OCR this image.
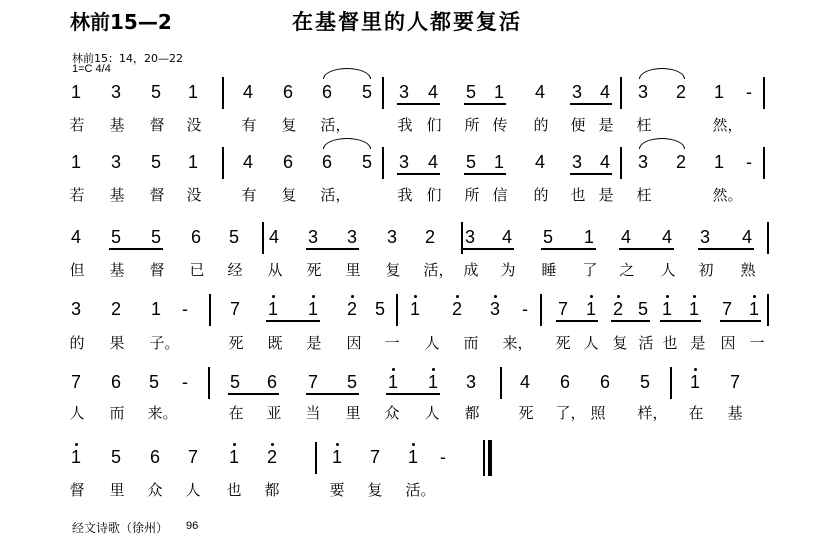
林前15—2	在基督里的人都要复活
林前15：14，20—22
1=C 4/4
经文诗歌（徐州） 96
1 3 5 1 4 6 6 5 3 4 5 1 4 3 4 3 2 1	-
若 基 督 没	有 复 活，	我 们 所 传 的 便 是 枉	然，
1 3 5 1 4 6 6 5 3 4 5 1 4 3 4 3 2 1	-
若 基 督 没	有 复 活，	我 们 所 信 的 也 是 枉	然。
4 5 5 6 5 4 3 3 3 2 3 4 5 1 4 4 3 4
但 基 督 已 经 从 死 里 复 活， 成 为 睡 了 之 人 初 熟
3 2 1	-	7 1 1 2 5 1 2 3	-	7 1 2 5 1 1 7 1
的 果 子。	死 既 是 因 一 人 而 来， 死 人 复 活 也 是 因 一
7 6 5	-	5 6 7 5 1 1 3 4 6 6 5 1 7
人 而 来。	在 亚 当 里 众 人 都	死 了， 照 样， 在 基
1 5 6 7 1 2	1 7 1	-
督 里 众 人 也 都	要 复 活。
